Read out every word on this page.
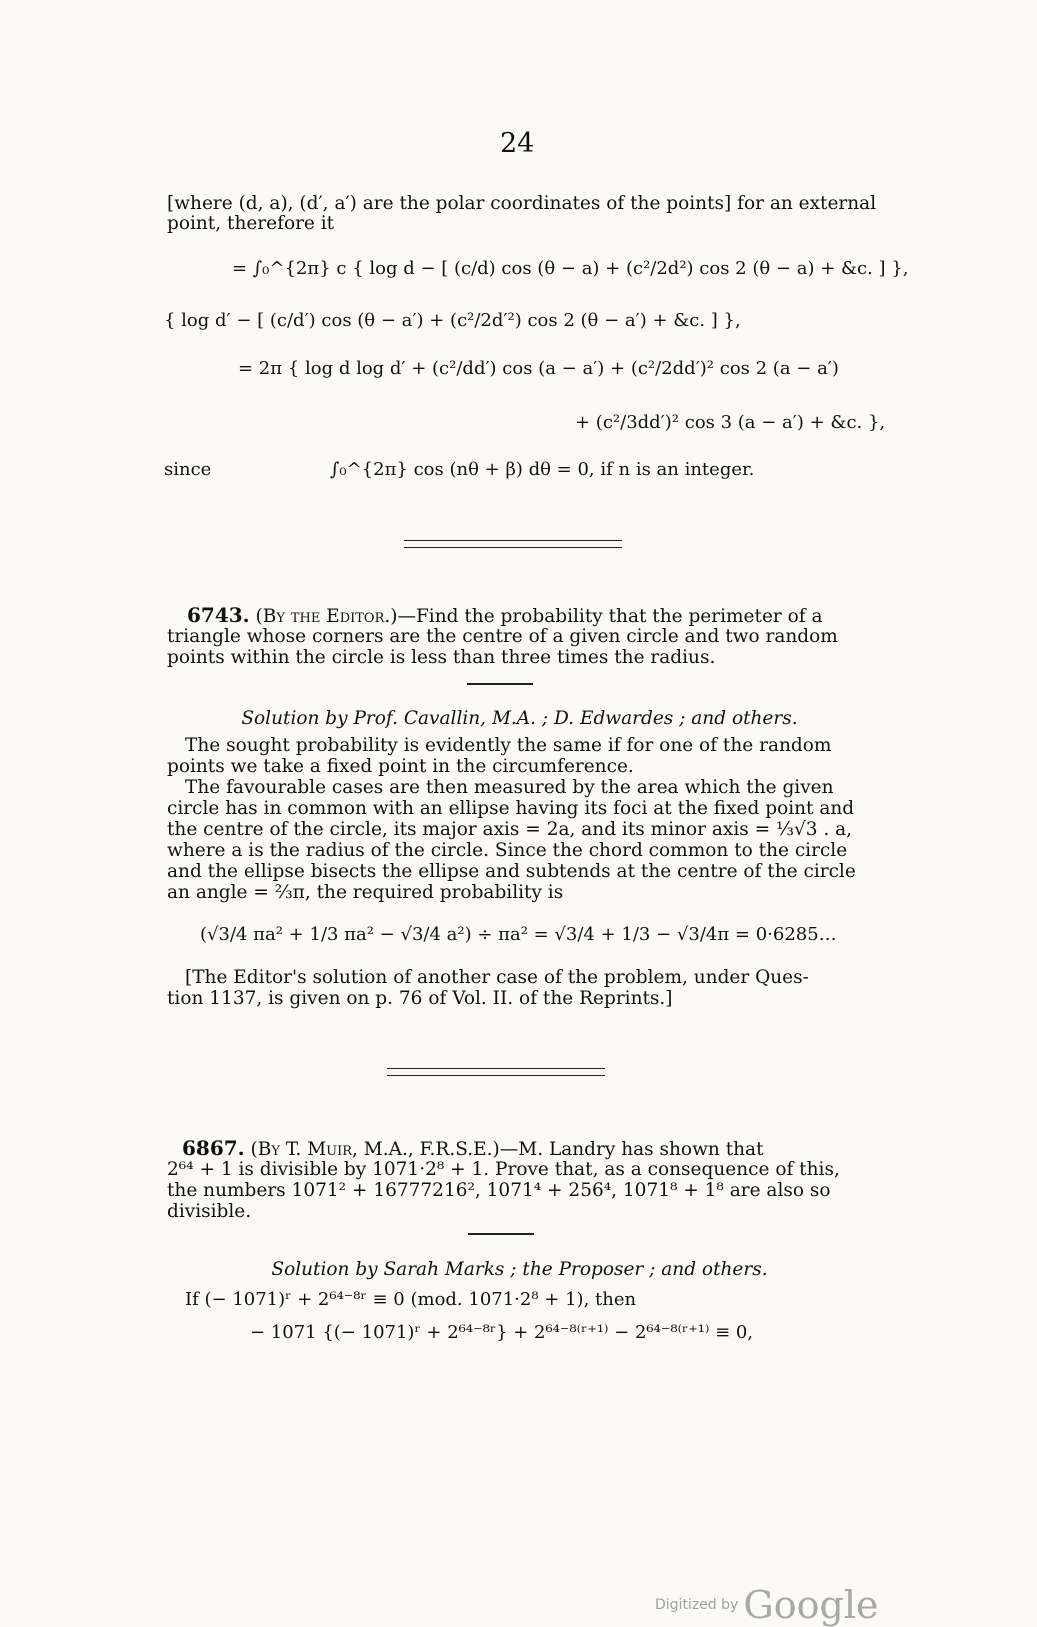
24
[where (d, a), (d′, a′) are the polar coordinates of the points] for an external
point, therefore it
= ∫₀^{2π} c { log d − [ (c/d) cos (θ − a) + (c²/2d²) cos 2 (θ − a) + &c. ] },
{ log d′ − [ (c/d′) cos (θ − a′) + (c²/2d′²) cos 2 (θ − a′) + &c. ] },
= 2π { log d log d′ + (c²/dd′) cos (a − a′) + (c²/2dd′)² cos 2 (a − a′)
+ (c²/3dd′)² cos 3 (a − a′) + &c. },
since	∫₀^{2π} cos (nθ + β) dθ = 0, if n is an integer.
6743. (By the Editor.)—Find the probability that the perimeter of a
triangle whose corners are the centre of a given circle and two random
points within the circle is less than three times the radius.
Solution by Prof. Cavallin, M.A. ; D. Edwardes ; and others.
The sought probability is evidently the same if for one of the random
points we take a fixed point in the circumference.
The favourable cases are then measured by the area which the given
circle has in common with an ellipse having its foci at the fixed point and
the centre of the circle, its major axis = 2a, and its minor axis = ⅓√3 . a,
where a is the radius of the circle. Since the chord common to the circle
and the ellipse bisects the ellipse and subtends at the centre of the circle
an angle = ⅔π, the required probability is
(√3/4 πa² + 1/3 πa² − √3/4 a²) ÷ πa² = √3/4 + 1/3 − √3/4π = 0·6285…
[The Editor's solution of another case of the problem, under Ques-
tion 1137, is given on p. 76 of Vol. II. of the Reprints.]
6867. (By T. Muir, M.A., F.R.S.E.)—M. Landry has shown that
2⁶⁴ + 1 is divisible by 1071·2⁸ + 1. Prove that, as a consequence of this,
the numbers 1071² + 16777216², 1071⁴ + 256⁴, 1071⁸ + 1⁸ are also so
divisible.
Solution by Sarah Marks ; the Proposer ; and others.
If (− 1071)ʳ + 2⁶⁴⁻⁸ʳ ≡ 0 (mod. 1071·2⁸ + 1), then
− 1071 {(− 1071)ʳ + 2⁶⁴⁻⁸ʳ} + 2⁶⁴⁻⁸⁽ʳ⁺¹⁾ − 2⁶⁴⁻⁸⁽ʳ⁺¹⁾ ≡ 0,
Digitized by Google
